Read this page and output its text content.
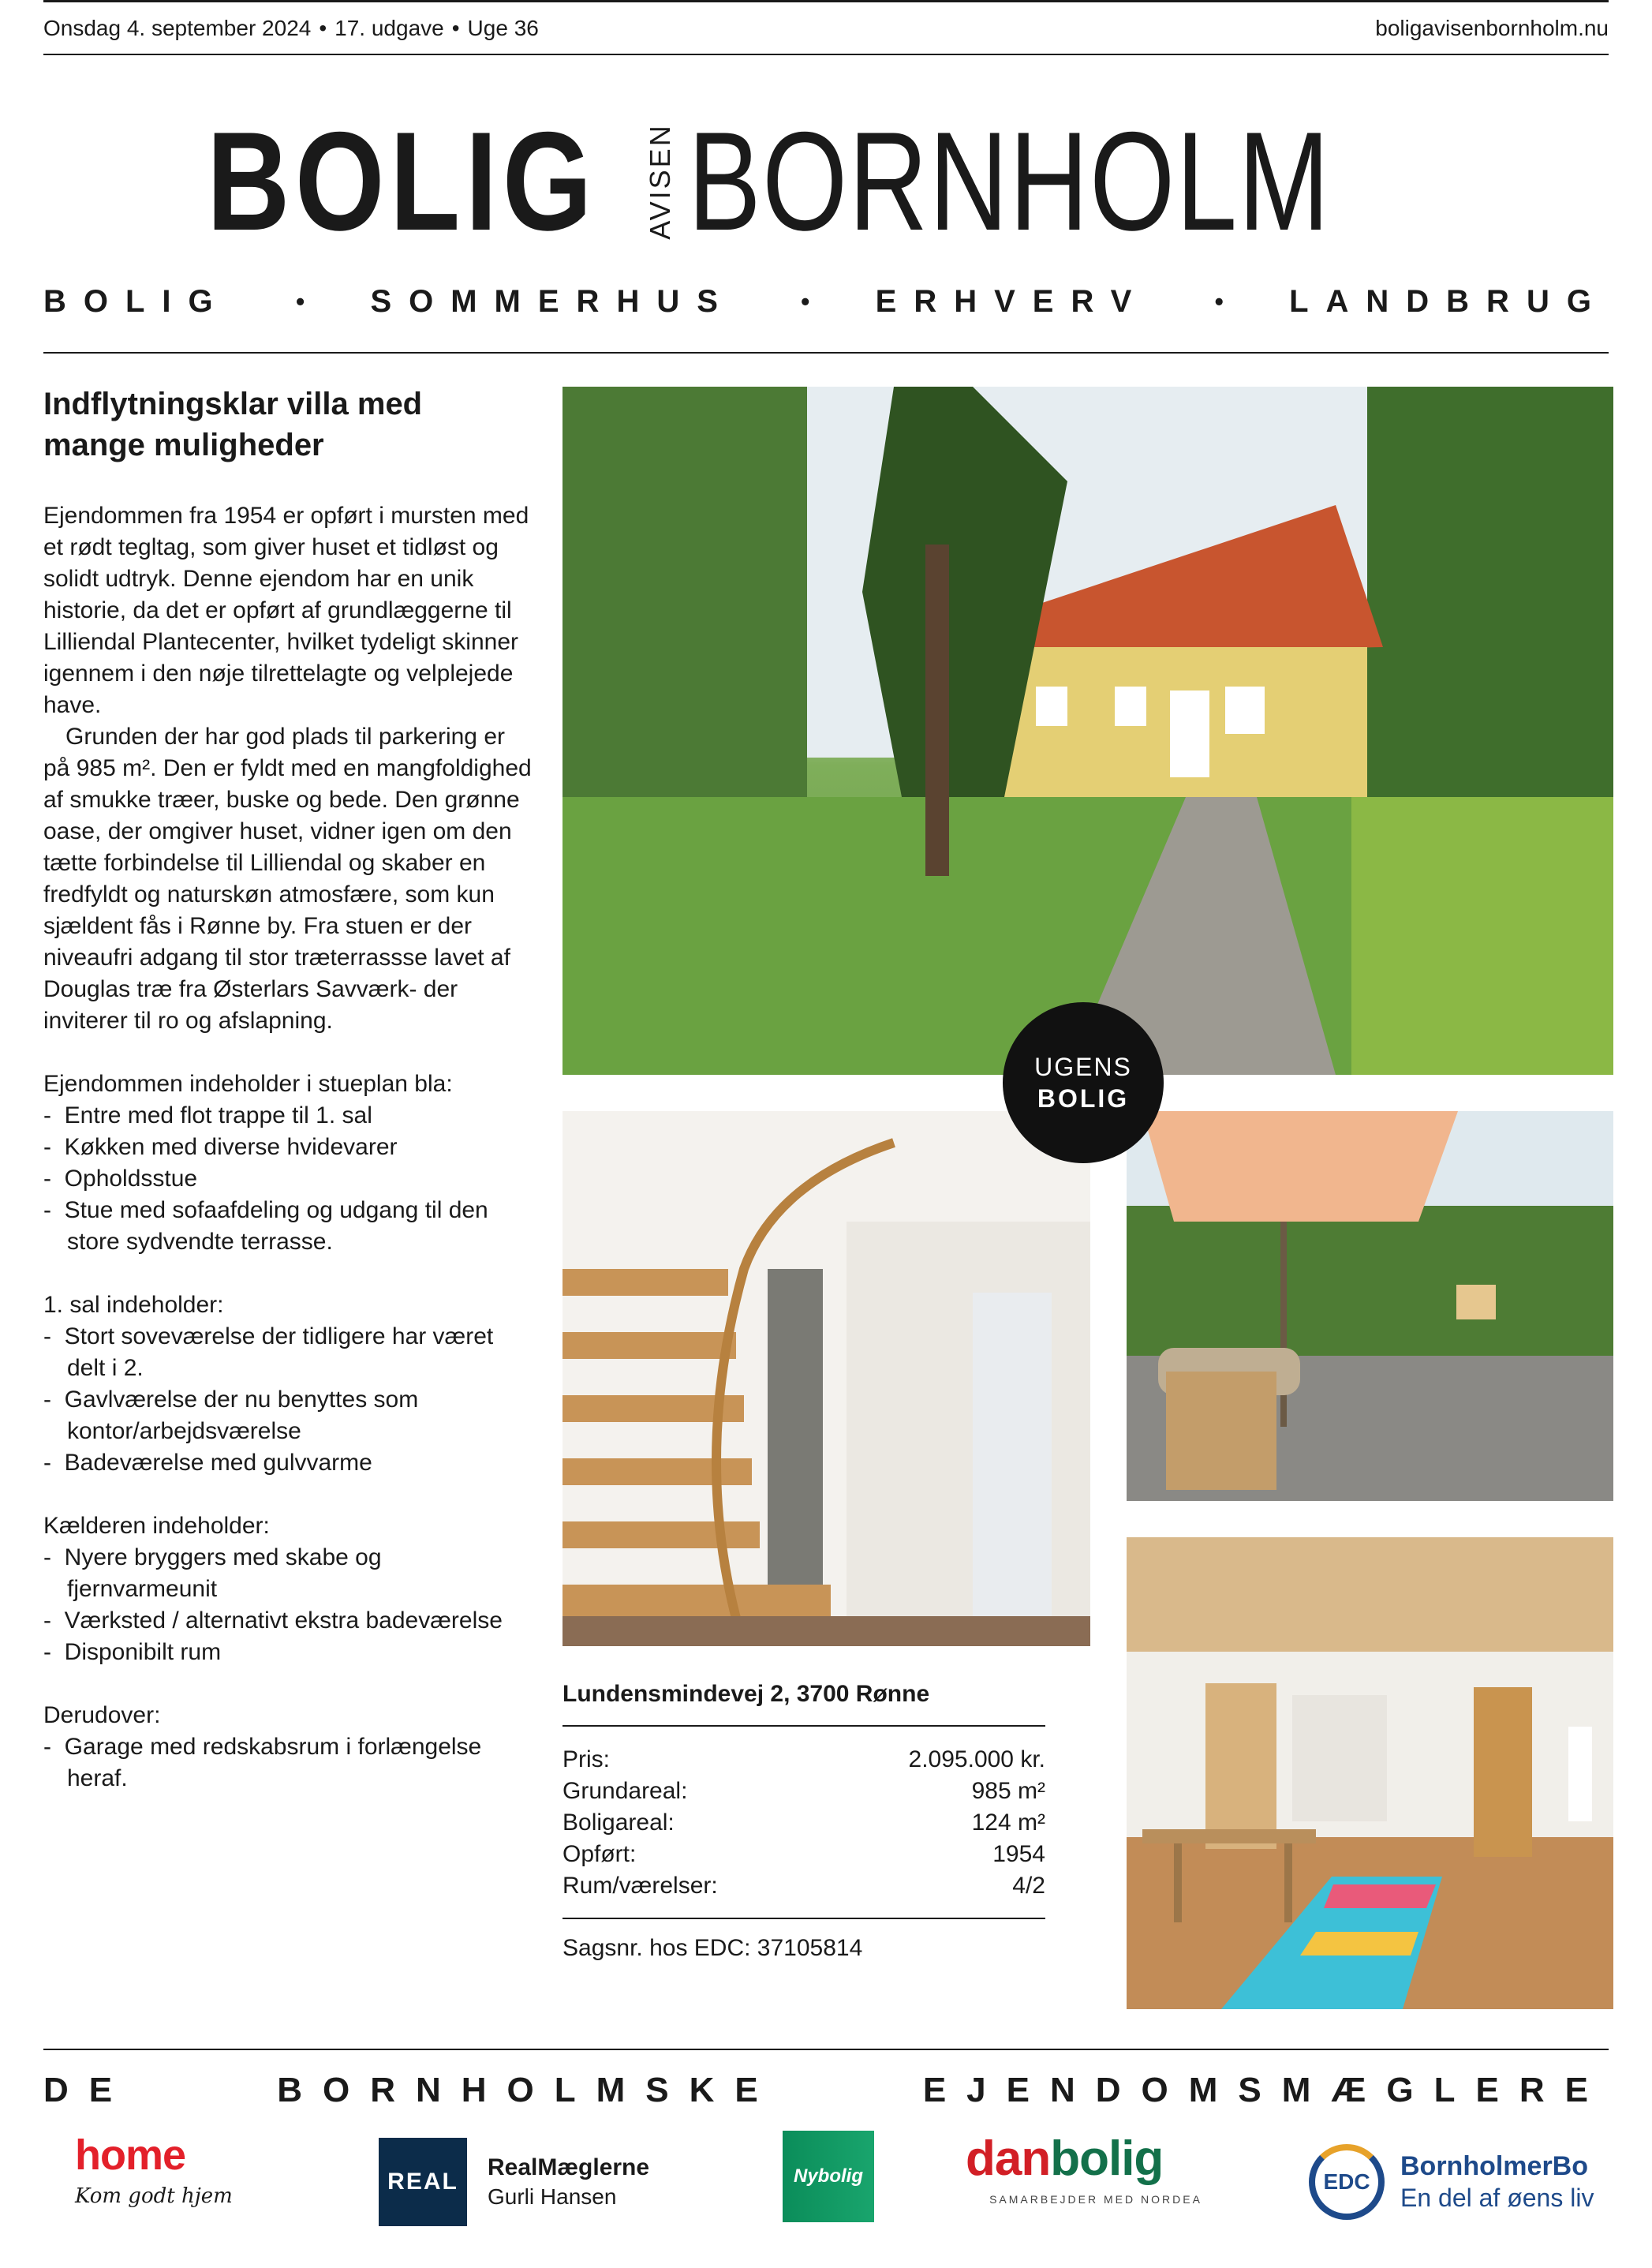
Onsdag 4. september 2024 • 17. udgave • Uge 36	boligavisenbornholm.nu
BOLIG AVISEN BORNHOLM
BOLIG	• SOMMERHUS	• ERHVERV	• LANDBRUG
Indflytningsklar villa med mange muligheder

Ejendommen fra 1954 er opført i mursten med et rødt tegltag, som giver huset et tidløst og solidt udtryk. Denne ejendom har en unik historie, da det er opført af grundlæggerne til Lilliendal Plantecenter, hvilket tydeligt skinner igennem i den nøje tilrettelagte og velplejede have.

Grunden der har god plads til parkering er på 985 m². Den er fyldt med en mangfoldighed af smukke træer, buske og bede. Den grønne oase, der omgiver huset, vidner igen om den tætte forbindelse til Lilliendal og skaber en fredfyldt og naturskøn atmosfære, som kun sjældent fås i Rønne by. Fra stuen er der niveaufri adgang til stor træterrassse lavet af Douglas træ fra Østerlars Savværk- der inviterer til ro og afslapning.

Ejendommen indeholder i stueplan bla:

- Entre med flot trappe til 1. sal

- Køkken med diverse hvidevarer

- Opholdsstue

- Stue med sofaafdeling og udgang til den store sydvendte terrasse.

1. sal indeholder:

- Stort soveværelse der tidligere har været delt i 2.

- Gavlværelse der nu benyttes som kontor/arbejdsværelse

- Badeværelse med gulvvarme

Kælderen indeholder:

- Nyere bryggers med skabe og fjernvarmeunit

- Værksted / alternativt ekstra badeværelse

- Disponibilt rum

Derudover:

- Garage med redskabsrum i forlængelse heraf.

UGENS
BOLIG
Lundensmindevej 2, 3700 Rønne
Pris:	2.095.000 kr.
Grundareal:	985 m²
Boligareal:	124 m²
Opført:	1954
Rum/værelser:	4/2
Sagsnr. hos EDC: 37105814
DE	BORNHOLMSKE	EJENDOMSMÆGLERE
home
Kom godt hjem
REAL
RealMæglerne
Gurli Hansen
Nybolig danbolig
SAMARBEJDER MED NORDEA
EDC
BornholmerBo
En del af øens liv
